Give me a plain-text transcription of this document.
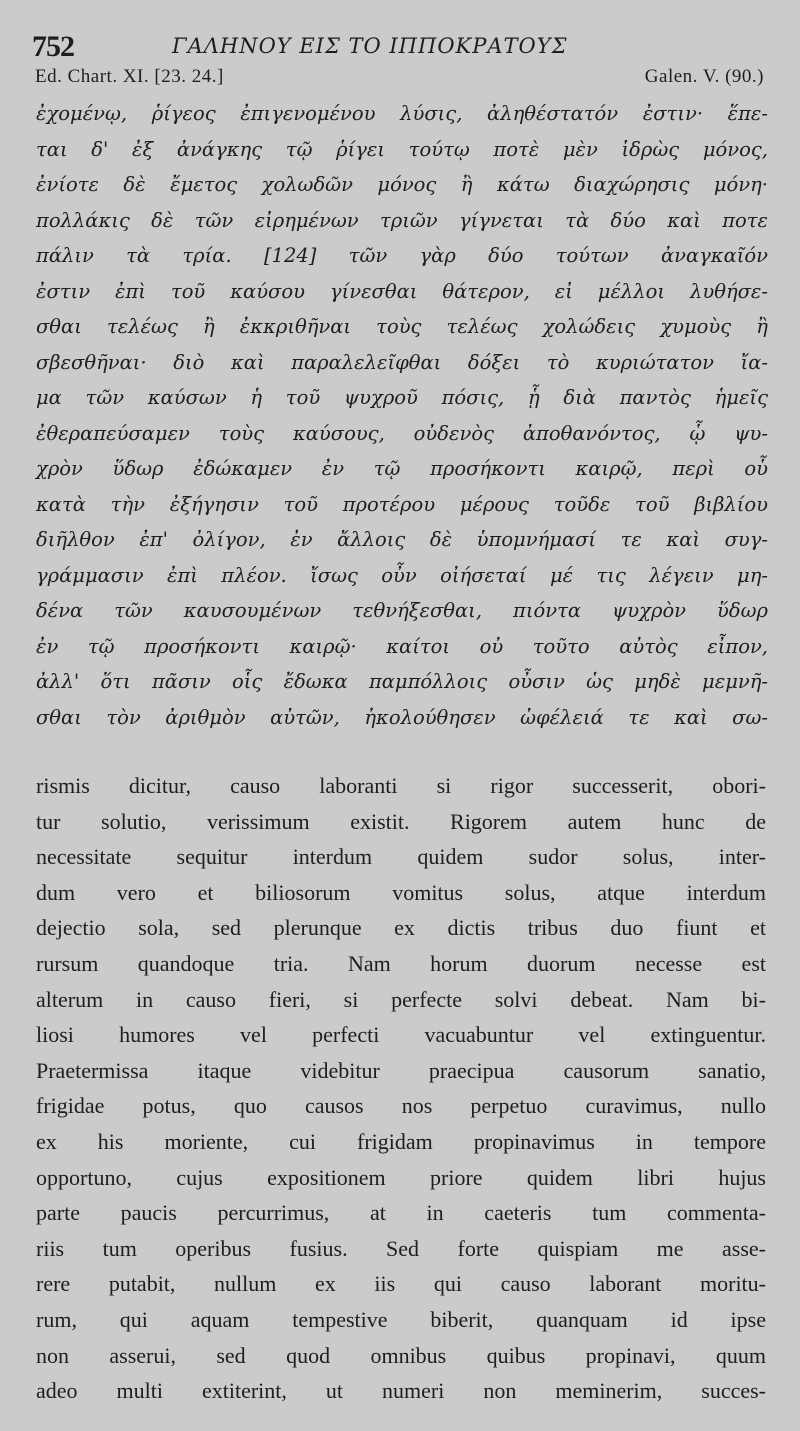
752	ΓΑΛΗΝΟΥ ΕΙΣ ΤΟ ΙΠΠΟΚΡΑΤΟΥΣ
Ed. Chart. XI. [23. 24.]	Galen. V. (90.)
ἐχομένῳ, ῥίγεος ἐπιγενομένου λύσις, ἀληθέστατόν ἐστιν· ἕπε-
ται δ' ἐξ ἀνάγκης τῷ ῥίγει τούτῳ ποτὲ μὲν ἱδρὼς μόνος,
ἐνίοτε δὲ ἔμετος χολωδῶν μόνος ἢ κάτω διαχώρησις μόνη·
πολλάκις δὲ τῶν εἰρημένων τριῶν γίγνεται τὰ δύο καὶ ποτε
πάλιν τὰ τρία. [124] τῶν γὰρ δύο τούτων ἀναγκαῖόν
ἐστιν ἐπὶ τοῦ καύσου γίνεσθαι θάτερον, εἰ μέλλοι λυθήσε-
σθαι τελέως ἢ ἐκκριθῆναι τοὺς τελέως χολώδεις χυμοὺς ἢ
σβεσθῆναι· διὸ καὶ παραλελεῖφθαι δόξει τὸ κυριώτατον ἴα-
μα τῶν καύσων ἡ τοῦ ψυχροῦ πόσις, ᾗ διὰ παντὸς ἡμεῖς
ἐθεραπεύσαμεν τοὺς καύσους, οὐδενὸς ἀποθανόντος, ᾧ ψυ-
χρὸν ὕδωρ ἐδώκαμεν ἐν τῷ προσήκοντι καιρῷ, περὶ οὗ
κατὰ τὴν ἐξήγησιν τοῦ προτέρου μέρους τοῦδε τοῦ βιβλίου
διῆλθον ἐπ' ὀλίγον, ἐν ἄλλοις δὲ ὑπομνήμασί τε καὶ συγ-
γράμμασιν ἐπὶ πλέον. ἴσως οὖν οἰήσεταί μέ τις λέγειν μη-
δένα τῶν καυσουμένων τεθνήξεσθαι, πιόντα ψυχρὸν ὕδωρ
ἐν τῷ προσήκοντι καιρῷ· καίτοι οὐ τοῦτο αὐτὸς εἶπον,
ἀλλ' ὅτι πᾶσιν οἷς ἔδωκα παμπόλλοις οὖσιν ὡς μηδὲ μεμνῆ-
σθαι τὸν ἀριθμὸν αὐτῶν, ἠκολούθησεν ὠφέλειά τε καὶ σω-
rismis dicitur, causo laboranti si rigor successerit, obori-
tur solutio, verissimum existit. Rigorem autem hunc de
necessitate sequitur interdum quidem sudor solus, inter-
dum vero et biliosorum vomitus solus, atque interdum
dejectio sola, sed plerunque ex dictis tribus duo fiunt et
rursum quandoque tria. Nam horum duorum necesse est
alterum in causo fieri, si perfecte solvi debeat. Nam bi-
liosi humores vel perfecti vacuabuntur vel extinguentur.
Praetermissa itaque videbitur praecipua causorum sanatio,
frigidae potus, quo causos nos perpetuo curavimus, nullo
ex his moriente, cui frigidam propinavimus in tempore
opportuno, cujus expositionem priore quidem libri hujus
parte paucis percurrimus, at in caeteris tum commenta-
riis tum operibus fusius. Sed forte quispiam me asse-
rere putabit, nullum ex iis qui causo laborant moritu-
rum, qui aquam tempestive biberit, quanquam id ipse
non asserui, sed quod omnibus quibus propinavi, quum
adeo multi extiterint, ut numeri non meminerim, succes-
